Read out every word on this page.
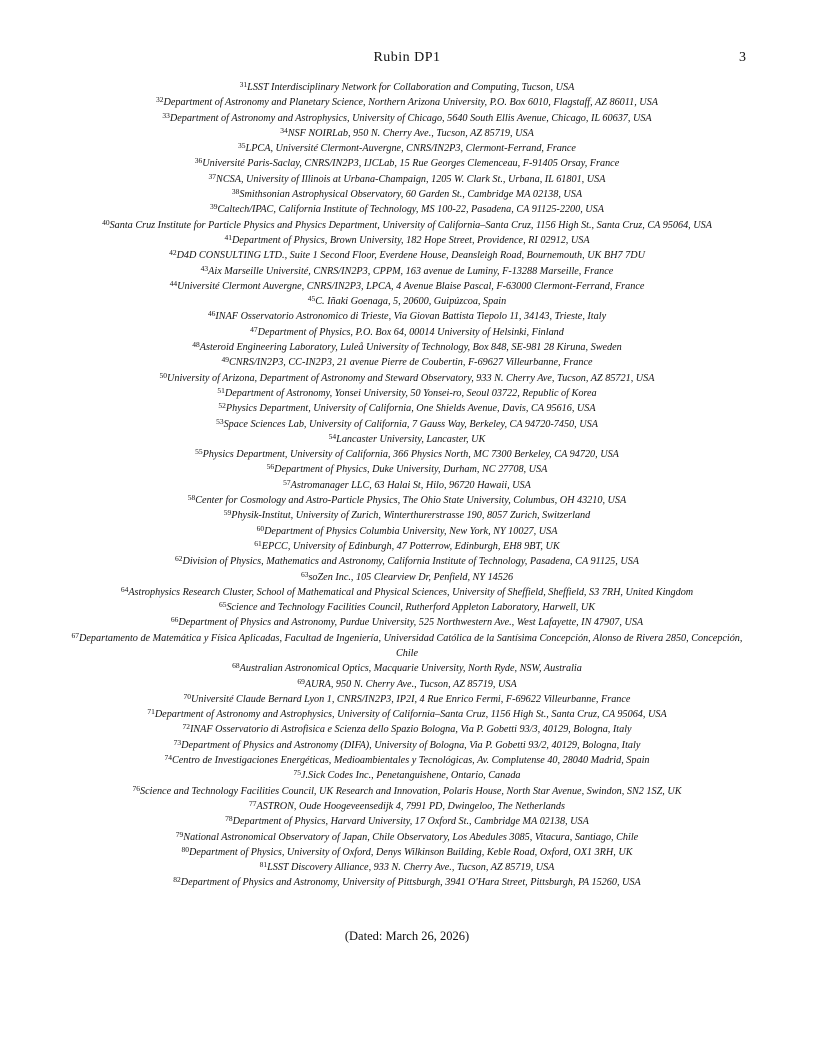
Rubin DP1	3
$^{31}$LSST Interdisciplinary Network for Collaboration and Computing, Tucson, USA
$^{32}$Department of Astronomy and Planetary Science, Northern Arizona University, P.O. Box 6010, Flagstaff, AZ 86011, USA
$^{33}$Department of Astronomy and Astrophysics, University of Chicago, 5640 South Ellis Avenue, Chicago, IL 60637, USA
$^{34}$NSF NOIRLab, 950 N. Cherry Ave., Tucson, AZ 85719, USA
$^{35}$LPCA, Université Clermont-Auvergne, CNRS/IN2P3, Clermont-Ferrand, France
$^{36}$Université Paris-Saclay, CNRS/IN2P3, IJCLab, 15 Rue Georges Clemenceau, F-91405 Orsay, France
$^{37}$NCSA, University of Illinois at Urbana-Champaign, 1205 W. Clark St., Urbana, IL 61801, USA
$^{38}$Smithsonian Astrophysical Observatory, 60 Garden St., Cambridge MA 02138, USA
$^{39}$Caltech/IPAC, California Institute of Technology, MS 100-22, Pasadena, CA 91125-2200, USA
$^{40}$Santa Cruz Institute for Particle Physics and Physics Department, University of California–Santa Cruz, 1156 High St., Santa Cruz, CA 95064, USA
$^{41}$Department of Physics, Brown University, 182 Hope Street, Providence, RI 02912, USA
$^{42}$D4D CONSULTING LTD., Suite 1 Second Floor, Everdene House, Deansleigh Road, Bournemouth, UK BH7 7DU
$^{43}$Aix Marseille Université, CNRS/IN2P3, CPPM, 163 avenue de Luminy, F-13288 Marseille, France
$^{44}$Université Clermont Auvergne, CNRS/IN2P3, LPCA, 4 Avenue Blaise Pascal, F-63000 Clermont-Ferrand, France
$^{45}$C. Iñaki Goenaga, 5, 20600, Guipúzcoa, Spain
$^{46}$INAF Osservatorio Astronomico di Trieste, Via Giovan Battista Tiepolo 11, 34143, Trieste, Italy
$^{47}$Department of Physics, P.O. Box 64, 00014 University of Helsinki, Finland
$^{48}$Asteroid Engineering Laboratory, Luleå University of Technology, Box 848, SE-981 28 Kiruna, Sweden
$^{49}$CNRS/IN2P3, CC-IN2P3, 21 avenue Pierre de Coubertin, F-69627 Villeurbanne, France
$^{50}$University of Arizona, Department of Astronomy and Steward Observatory, 933 N. Cherry Ave, Tucson, AZ 85721, USA
$^{51}$Department of Astronomy, Yonsei University, 50 Yonsei-ro, Seoul 03722, Republic of Korea
$^{52}$Physics Department, University of California, One Shields Avenue, Davis, CA 95616, USA
$^{53}$Space Sciences Lab, University of California, 7 Gauss Way, Berkeley, CA 94720-7450, USA
$^{54}$Lancaster University, Lancaster, UK
$^{55}$Physics Department, University of California, 366 Physics North, MC 7300 Berkeley, CA 94720, USA
$^{56}$Department of Physics, Duke University, Durham, NC 27708, USA
$^{57}$Astromanager LLC, 63 Halai St, Hilo, 96720 Hawaii, USA
$^{58}$Center for Cosmology and Astro-Particle Physics, The Ohio State University, Columbus, OH 43210, USA
$^{59}$Physik-Institut, University of Zurich, Winterthurerstrasse 190, 8057 Zurich, Switzerland
$^{60}$Department of Physics Columbia University, New York, NY 10027, USA
$^{61}$EPCC, University of Edinburgh, 47 Potterrow, Edinburgh, EH8 9BT, UK
$^{62}$Division of Physics, Mathematics and Astronomy, California Institute of Technology, Pasadena, CA 91125, USA
$^{63}$soZen Inc., 105 Clearview Dr, Penfield, NY 14526
$^{64}$Astrophysics Research Cluster, School of Mathematical and Physical Sciences, University of Sheffield, Sheffield, S3 7RH, United Kingdom
$^{65}$Science and Technology Facilities Council, Rutherford Appleton Laboratory, Harwell, UK
$^{66}$Department of Physics and Astronomy, Purdue University, 525 Northwestern Ave., West Lafayette, IN 47907, USA
$^{67}$Departamento de Matemática y Física Aplicadas, Facultad de Ingeniería, Universidad Católica de la Santísima Concepción, Alonso de Rivera 2850, Concepción, Chile
$^{68}$Australian Astronomical Optics, Macquarie University, North Ryde, NSW, Australia
$^{69}$AURA, 950 N. Cherry Ave., Tucson, AZ 85719, USA
$^{70}$Université Claude Bernard Lyon 1, CNRS/IN2P3, IP2I, 4 Rue Enrico Fermi, F-69622 Villeurbanne, France
$^{71}$Department of Astronomy and Astrophysics, University of California–Santa Cruz, 1156 High St., Santa Cruz, CA 95064, USA
$^{72}$INAF Osservatorio di Astrofisica e Scienza dello Spazio Bologna, Via P. Gobetti 93/3, 40129, Bologna, Italy
$^{73}$Department of Physics and Astronomy (DIFA), University of Bologna, Via P. Gobetti 93/2, 40129, Bologna, Italy
$^{74}$Centro de Investigaciones Energéticas, Medioambientales y Tecnológicas, Av. Complutense 40, 28040 Madrid, Spain
$^{75}$J.Sick Codes Inc., Penetanguishene, Ontario, Canada
$^{76}$Science and Technology Facilities Council, UK Research and Innovation, Polaris House, North Star Avenue, Swindon, SN2 1SZ, UK
$^{77}$ASTRON, Oude Hoogeveensedijk 4, 7991 PD, Dwingeloo, The Netherlands
$^{78}$Department of Physics, Harvard University, 17 Oxford St., Cambridge MA 02138, USA
$^{79}$National Astronomical Observatory of Japan, Chile Observatory, Los Abedules 3085, Vitacura, Santiago, Chile
$^{80}$Department of Physics, University of Oxford, Denys Wilkinson Building, Keble Road, Oxford, OX1 3RH, UK
$^{81}$LSST Discovery Alliance, 933 N. Cherry Ave., Tucson, AZ 85719, USA
$^{82}$Department of Physics and Astronomy, University of Pittsburgh, 3941 O'Hara Street, Pittsburgh, PA 15260, USA
(Dated: March 26, 2026)
